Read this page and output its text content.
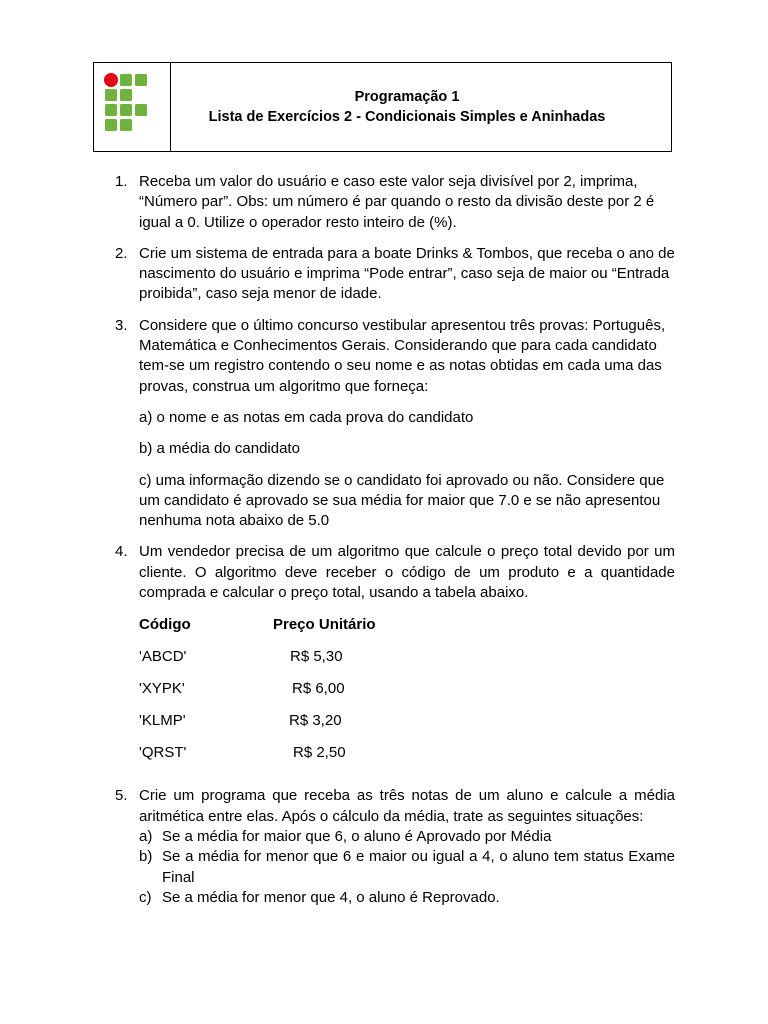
Programação 1
Lista de Exercícios 2 - Condicionais Simples e Aninhadas
1. Receba um valor do usuário e caso este valor seja divisível por 2, imprima, “Número par”. Obs: um número é par quando o resto da divisão deste por 2 é igual a 0. Utilize o operador resto inteiro de (%).
2. Crie um sistema de entrada para a boate Drinks & Tombos, que receba o ano de nascimento do usuário e imprima “Pode entrar”, caso seja de maior ou “Entrada proibida”, caso seja menor de idade.
3. Considere que o último concurso vestibular apresentou três provas: Português, Matemática e Conhecimentos Gerais. Considerando que para cada candidato tem-se um registro contendo o seu nome e as notas obtidas em cada uma das provas, construa um algoritmo que forneça:

a) o nome e as notas em cada prova do candidato

b) a média do candidato

c) uma informação dizendo se o candidato foi aprovado ou não. Considere que um candidato é aprovado se sua média for maior que 7.0 e se não apresentou nenhuma nota abaixo de 5.0

4. Um vendedor precisa de um algoritmo que calcule o preço total devido por um cliente. O algoritmo deve receber o código de um produto e a quantidade comprada e calcular o preço total, usando a tabela abaixo.
Código	Preço Unitário
'ABCD'	R$ 5,30
'XYPK'	R$ 6,00
'KLMP'	R$ 3,20
'QRST'	R$ 2,50
5. Crie um programa que receba as três notas de um aluno e calcule a média aritmética entre elas. Após o cálculo da média, trate as seguintes situações:
a) Se a média for maior que 6, o aluno é Aprovado por Média
b) Se a média for menor que 6 e maior ou igual a 4, o aluno tem status Exame Final
c) Se a média for menor que 4, o aluno é Reprovado.
